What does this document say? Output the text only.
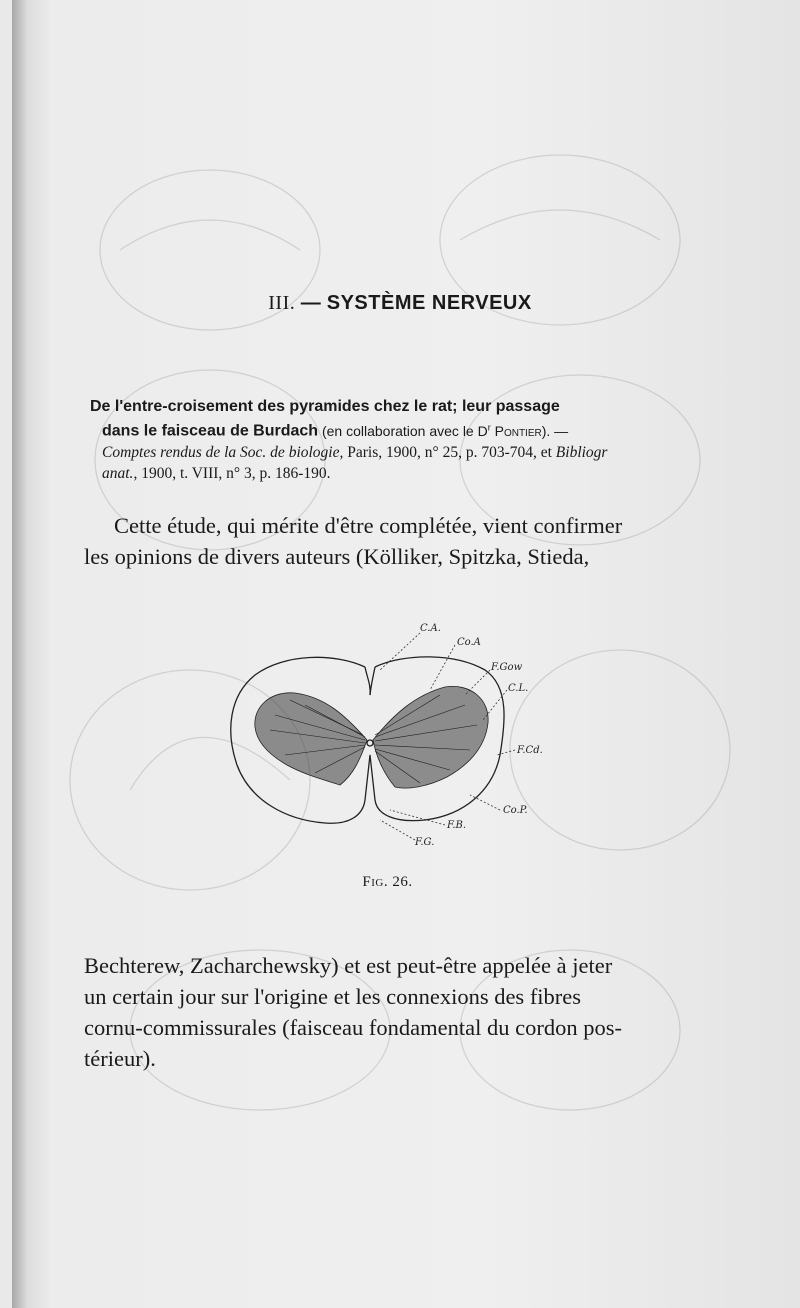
III. — SYSTÈME NERVEUX
De l'entre-croisement des pyramides chez le rat; leur passage
dans le faisceau de Burdach (en collaboration avec le $D^r$ Pontier). —
Comptes rendus de la Soc. de biologie, Paris, 1900, n° 25, p. 703-704, et Bibliogr
anat., 1900, t. VIII, n° 3, p. 186-190.
Cette étude, qui mérite d'être complétée, vient confirmer
les opinions de divers auteurs (Kölliker, Spitzka, Stieda,
C.A.
Co.A
F.Gow
C.L.
F.Cd.
Co.P.
F.B.
F.G.
Fig. 26.
Bechterew, Zacharchewsky) et est peut-être appelée à jeter
un certain jour sur l'origine et les connexions des fibres
cornu-commissurales (faisceau fondamental du cordon pos-
térieur).
